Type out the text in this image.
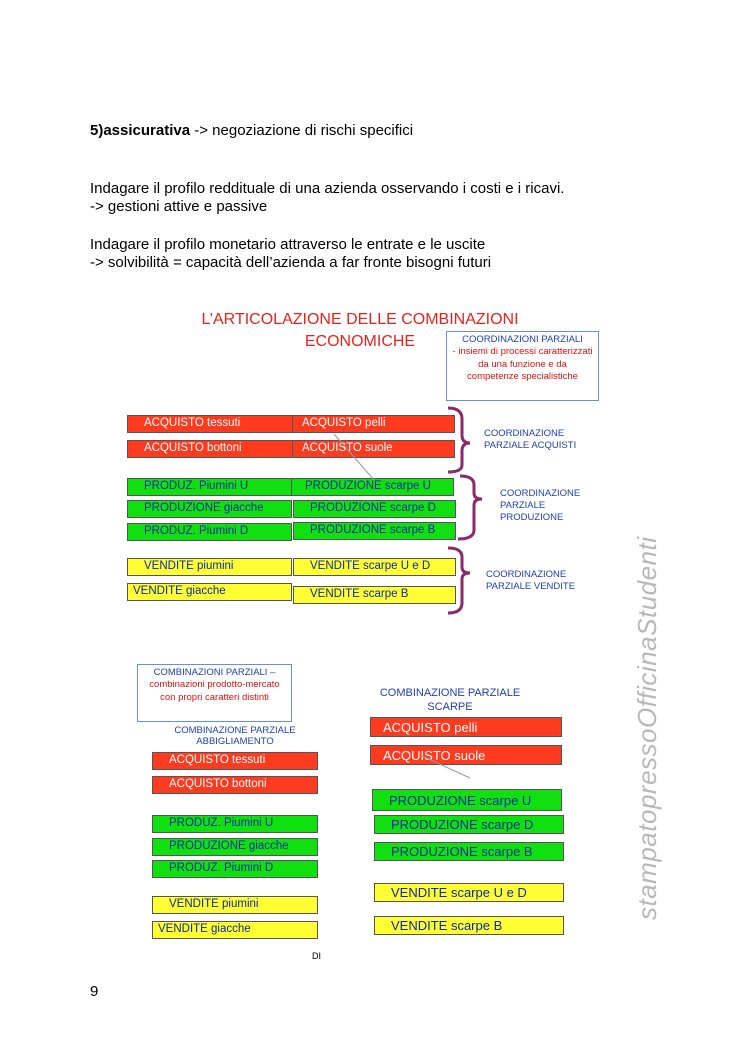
5)assicurativa -> negoziazione di rischi specifici
Indagare il profilo reddituale di una azienda osservando i costi e i ricavi.
-> gestioni attive e passive
Indagare il profilo monetario attraverso le entrate e le uscite
-> solvibilità = capacità dell’azienda a far fronte bisogni futuri
L’ARTICOLAZIONE DELLE COMBINAZIONI
ECONOMICHE	COORDINAZIONI PARZIALI
- insiemi di processi caratterizzati da una funzione e da competenze specialistiche
ACQUISTO tessuti	ACQUISTO pelli
ACQUISTO bottoni	ACQUISTO suole
PRODUZ. Piumini U	PRODUZIONE scarpe U
PRODUZIONE giacche	PRODUZIONE scarpe D
PRODUZ. Piumini D	PRODUZIONE scarpe B
VENDITE piumini	VENDITE scarpe U e D
VENDITE giacche	VENDITE scarpe B
COORDINAZIONE PARZIALE ACQUISTI
COORDINAZIONE PARZIALE PRODUZIONE
COORDINAZIONE PARZIALE VENDITE
COMBINAZIONI PARZIALI –
combinazioni prodotto-mercato con propri caratteri distinti
COMBINAZIONE PARZIALE ABBIGLIAMENTO
COMBINAZIONE PARZIALE SCARPE
ACQUISTO tessuti
ACQUISTO bottoni
PRODUZ. Piumini U
PRODUZIONE giacche
PRODUZ. Piumini D
VENDITE piumini
VENDITE giacche
ACQUISTO pelli
ACQUISTO suole
PRODUZIONE scarpe U
PRODUZIONE scarpe D
PRODUZIONE scarpe B
VENDITE scarpe U e D
VENDITE scarpe B
DI
stampatopressoOfficinaStudenti
9
